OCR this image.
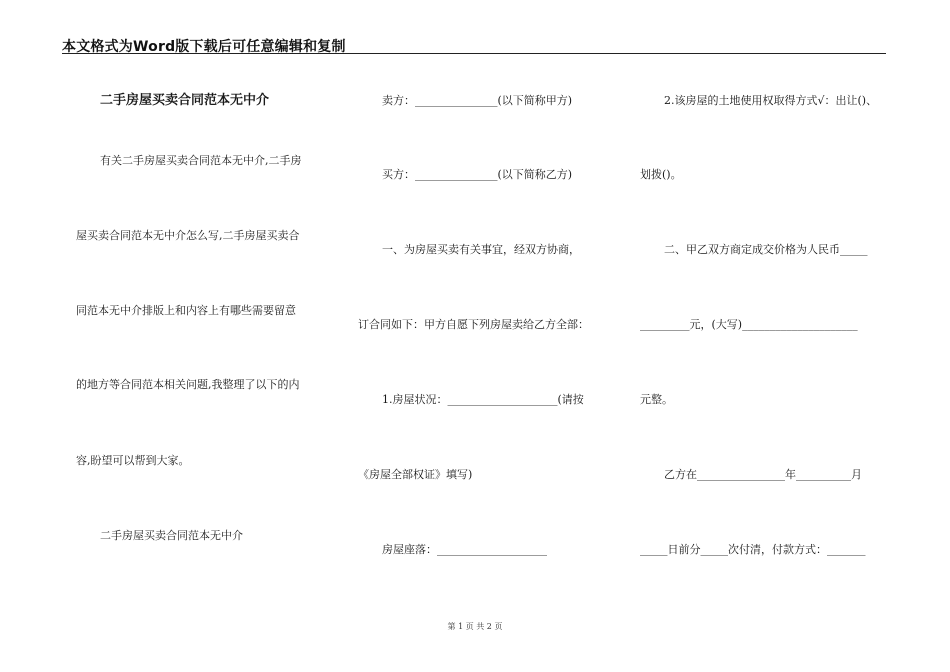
本文格式为Word版下载后可任意编辑和复制
二手房屋买卖合同范本无中介
有关二手房屋买卖合同范本无中介,二手房
屋买卖合同范本无中介怎么写,二手房屋买卖合
同范本无中介排版上和内容上有哪些需要留意
的地方等合同范本相关问题,我整理了以下的内
容,盼望可以帮到大家。
二手房屋买卖合同范本无中介
卖方：_______________(以下简称甲方)
买方：_______________(以下简称乙方)
一、为房屋买卖有关事宜，经双方协商，
订合同如下：甲方自愿下列房屋卖给乙方全部：
1.房屋状况：____________________(请按
《房屋全部权证》填写)
房屋座落：____________________
2.该房屋的土地使用权取得方式√：出让()、
划拨()。
二、甲乙双方商定成交价格为人民币_____
_________元，(大写)_____________________
元整。
乙方在________________年__________月
_____日前分_____次付清，付款方式：_______
第 1 页 共 2 页
